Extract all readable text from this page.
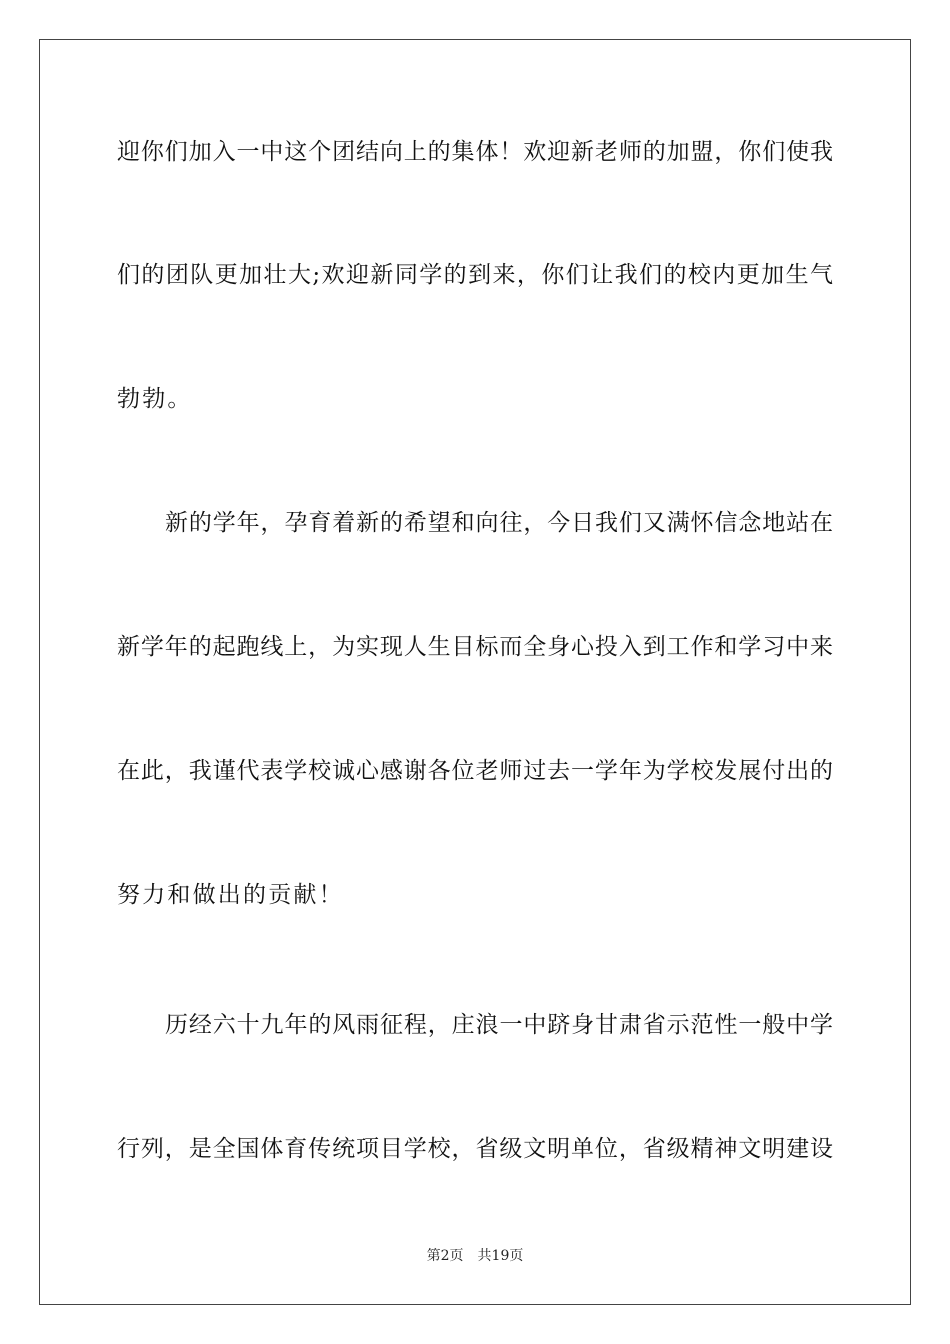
迎你们加入一中这个团结向上的集体！欢迎新老师的加盟，你们使我
们的团队更加壮大;欢迎新同学的到来，你们让我们的校内更加生气
勃勃。
新的学年，孕育着新的希望和向往，今日我们又满怀信念地站在
新学年的起跑线上，为实现人生目标而全身心投入到工作和学习中来
在此，我谨代表学校诚心感谢各位老师过去一学年为学校发展付出的
努力和做出的贡献！
历经六十九年的风雨征程，庄浪一中跻身甘肃省示范性一般中学
行列，是全国体育传统项目学校，省级文明单位，省级精神文明建设
第2页 共19页
